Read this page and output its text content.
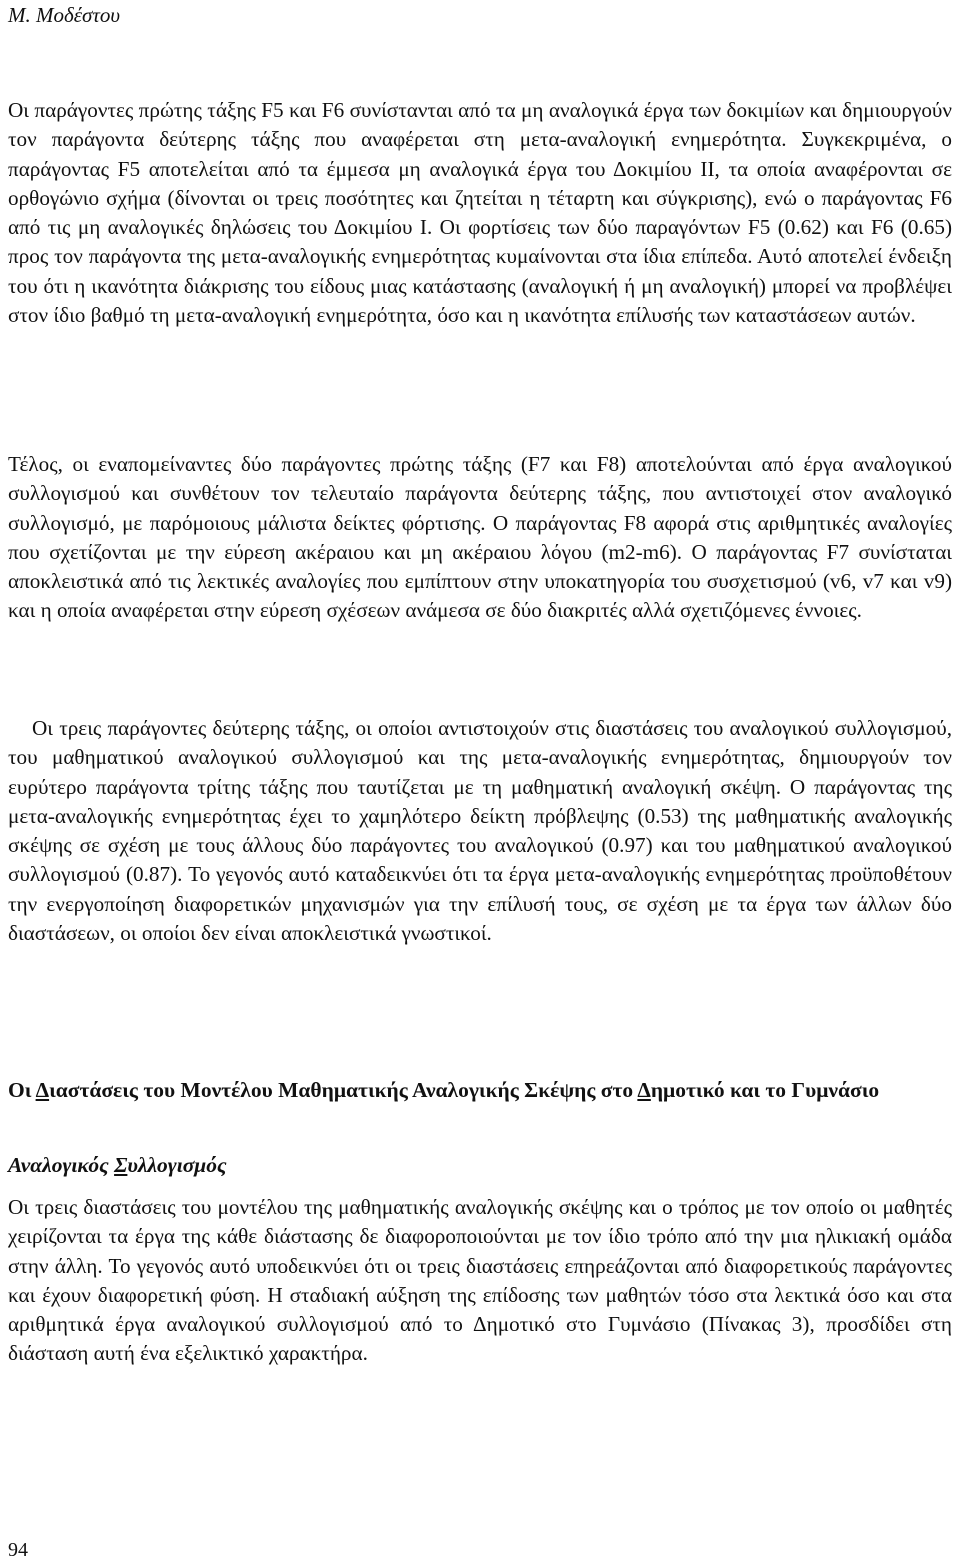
Μ. Μοδέστου

Οι παράγοντες πρώτης τάξης F5 και F6 συνίστανται από τα μη αναλογικά έργα των δοκιμίων και δημιουργούν τον παράγοντα δεύτερης τάξης που αναφέρεται στη μετα-αναλογική ενημερότητα. Συγκεκριμένα, ο παράγοντας F5 αποτελείται από τα έμμεσα μη αναλογικά έργα του Δοκιμίου ΙΙ, τα οποία αναφέρονται σε ορθογώνιο σχήμα (δίνονται οι τρεις ποσότητες και ζητείται η τέταρτη και σύγκρισης), ενώ ο παράγοντας F6 από τις μη αναλογικές δηλώσεις του Δοκιμίου Ι. Οι φορτίσεις των δύο παραγόντων F5 (0.62) και F6 (0.65) προς τον παράγοντα της μετα-αναλογικής ενημερότητας κυμαίνονται στα ίδια επίπεδα. Αυτό αποτελεί ένδειξη του ότι η ικανότητα διάκρισης του είδους μιας κατάστασης (αναλογική ή μη αναλογική) μπορεί να προβλέψει στον ίδιο βαθμό τη μετα-αναλογική ενημερότητα, όσο και η ικανότητα επίλυσής των καταστάσεων αυτών.

Τέλος, οι εναπομείναντες δύο παράγοντες πρώτης τάξης (F7 και F8) αποτελούνται από έργα αναλογικού συλλογισμού και συνθέτουν τον τελευταίο παράγοντα δεύτερης τάξης, που αντιστοιχεί στον αναλογικό συλλογισμό, με παρόμοιους μάλιστα δείκτες φόρτισης. Ο παράγοντας F8 αφορά στις αριθμητικές αναλογίες που σχετίζονται με την εύρεση ακέραιου και μη ακέραιου λόγου (m2-m6). Ο παράγοντας F7 συνίσταται αποκλειστικά από τις λεκτικές αναλογίες που εμπίπτουν στην υποκατηγορία του συσχετισμού (v6, v7 και v9) και η οποία αναφέρεται στην εύρεση σχέσεων ανάμεσα σε δύο διακριτές αλλά σχετιζόμενες έννοιες.

Οι τρεις παράγοντες δεύτερης τάξης, οι οποίοι αντιστοιχούν στις διαστάσεις του αναλογικού συλλογισμού, του μαθηματικού αναλογικού συλλογισμού και της μετα-αναλογικής ενημερότητας, δημιουργούν τον ευρύτερο παράγοντα τρίτης τάξης που ταυτίζεται με τη μαθηματική αναλογική σκέψη. Ο παράγοντας της μετα-αναλογικής ενημερότητας έχει το χαμηλότερο δείκτη πρόβλεψης (0.53) της μαθηματικής αναλογικής σκέψης σε σχέση με τους άλλους δύο παράγοντες του αναλογικού (0.97) και του μαθηματικού αναλογικού συλλογισμού (0.87). Το γεγονός αυτό καταδεικνύει ότι τα έργα μετα-αναλογικής ενημερότητας προϋποθέτουν την ενεργοποίηση διαφορετικών μηχανισμών για την επίλυσή τους, σε σχέση με τα έργα των άλλων δύο διαστάσεων, οι οποίοι δεν είναι αποκλειστικά γνωστικοί.

Οι Διαστάσεις του Μοντέλου Μαθηματικής Αναλογικής Σκέψης στο Δημοτικό και το Γυμνάσιο
Αναλογικός Συλλογισμός

Οι τρεις διαστάσεις του μοντέλου της μαθηματικής αναλογικής σκέψης και ο τρόπος με τον οποίο οι μαθητές χειρίζονται τα έργα της κάθε διάστασης δε διαφοροποιούνται με τον ίδιο τρόπο από την μια ηλικιακή ομάδα στην άλλη. Το γεγονός αυτό υποδεικνύει ότι οι τρεις διαστάσεις επηρεάζονται από διαφορετικούς παράγοντες και έχουν διαφορετική φύση. Η σταδιακή αύξηση της επίδοσης των μαθητών τόσο στα λεκτικά όσο και στα αριθμητικά έργα αναλογικού συλλογισμού από το Δημοτικό στο Γυμνάσιο (Πίνακας 3), προσδίδει στη διάσταση αυτή ένα εξελικτικό χαρακτήρα.

94
